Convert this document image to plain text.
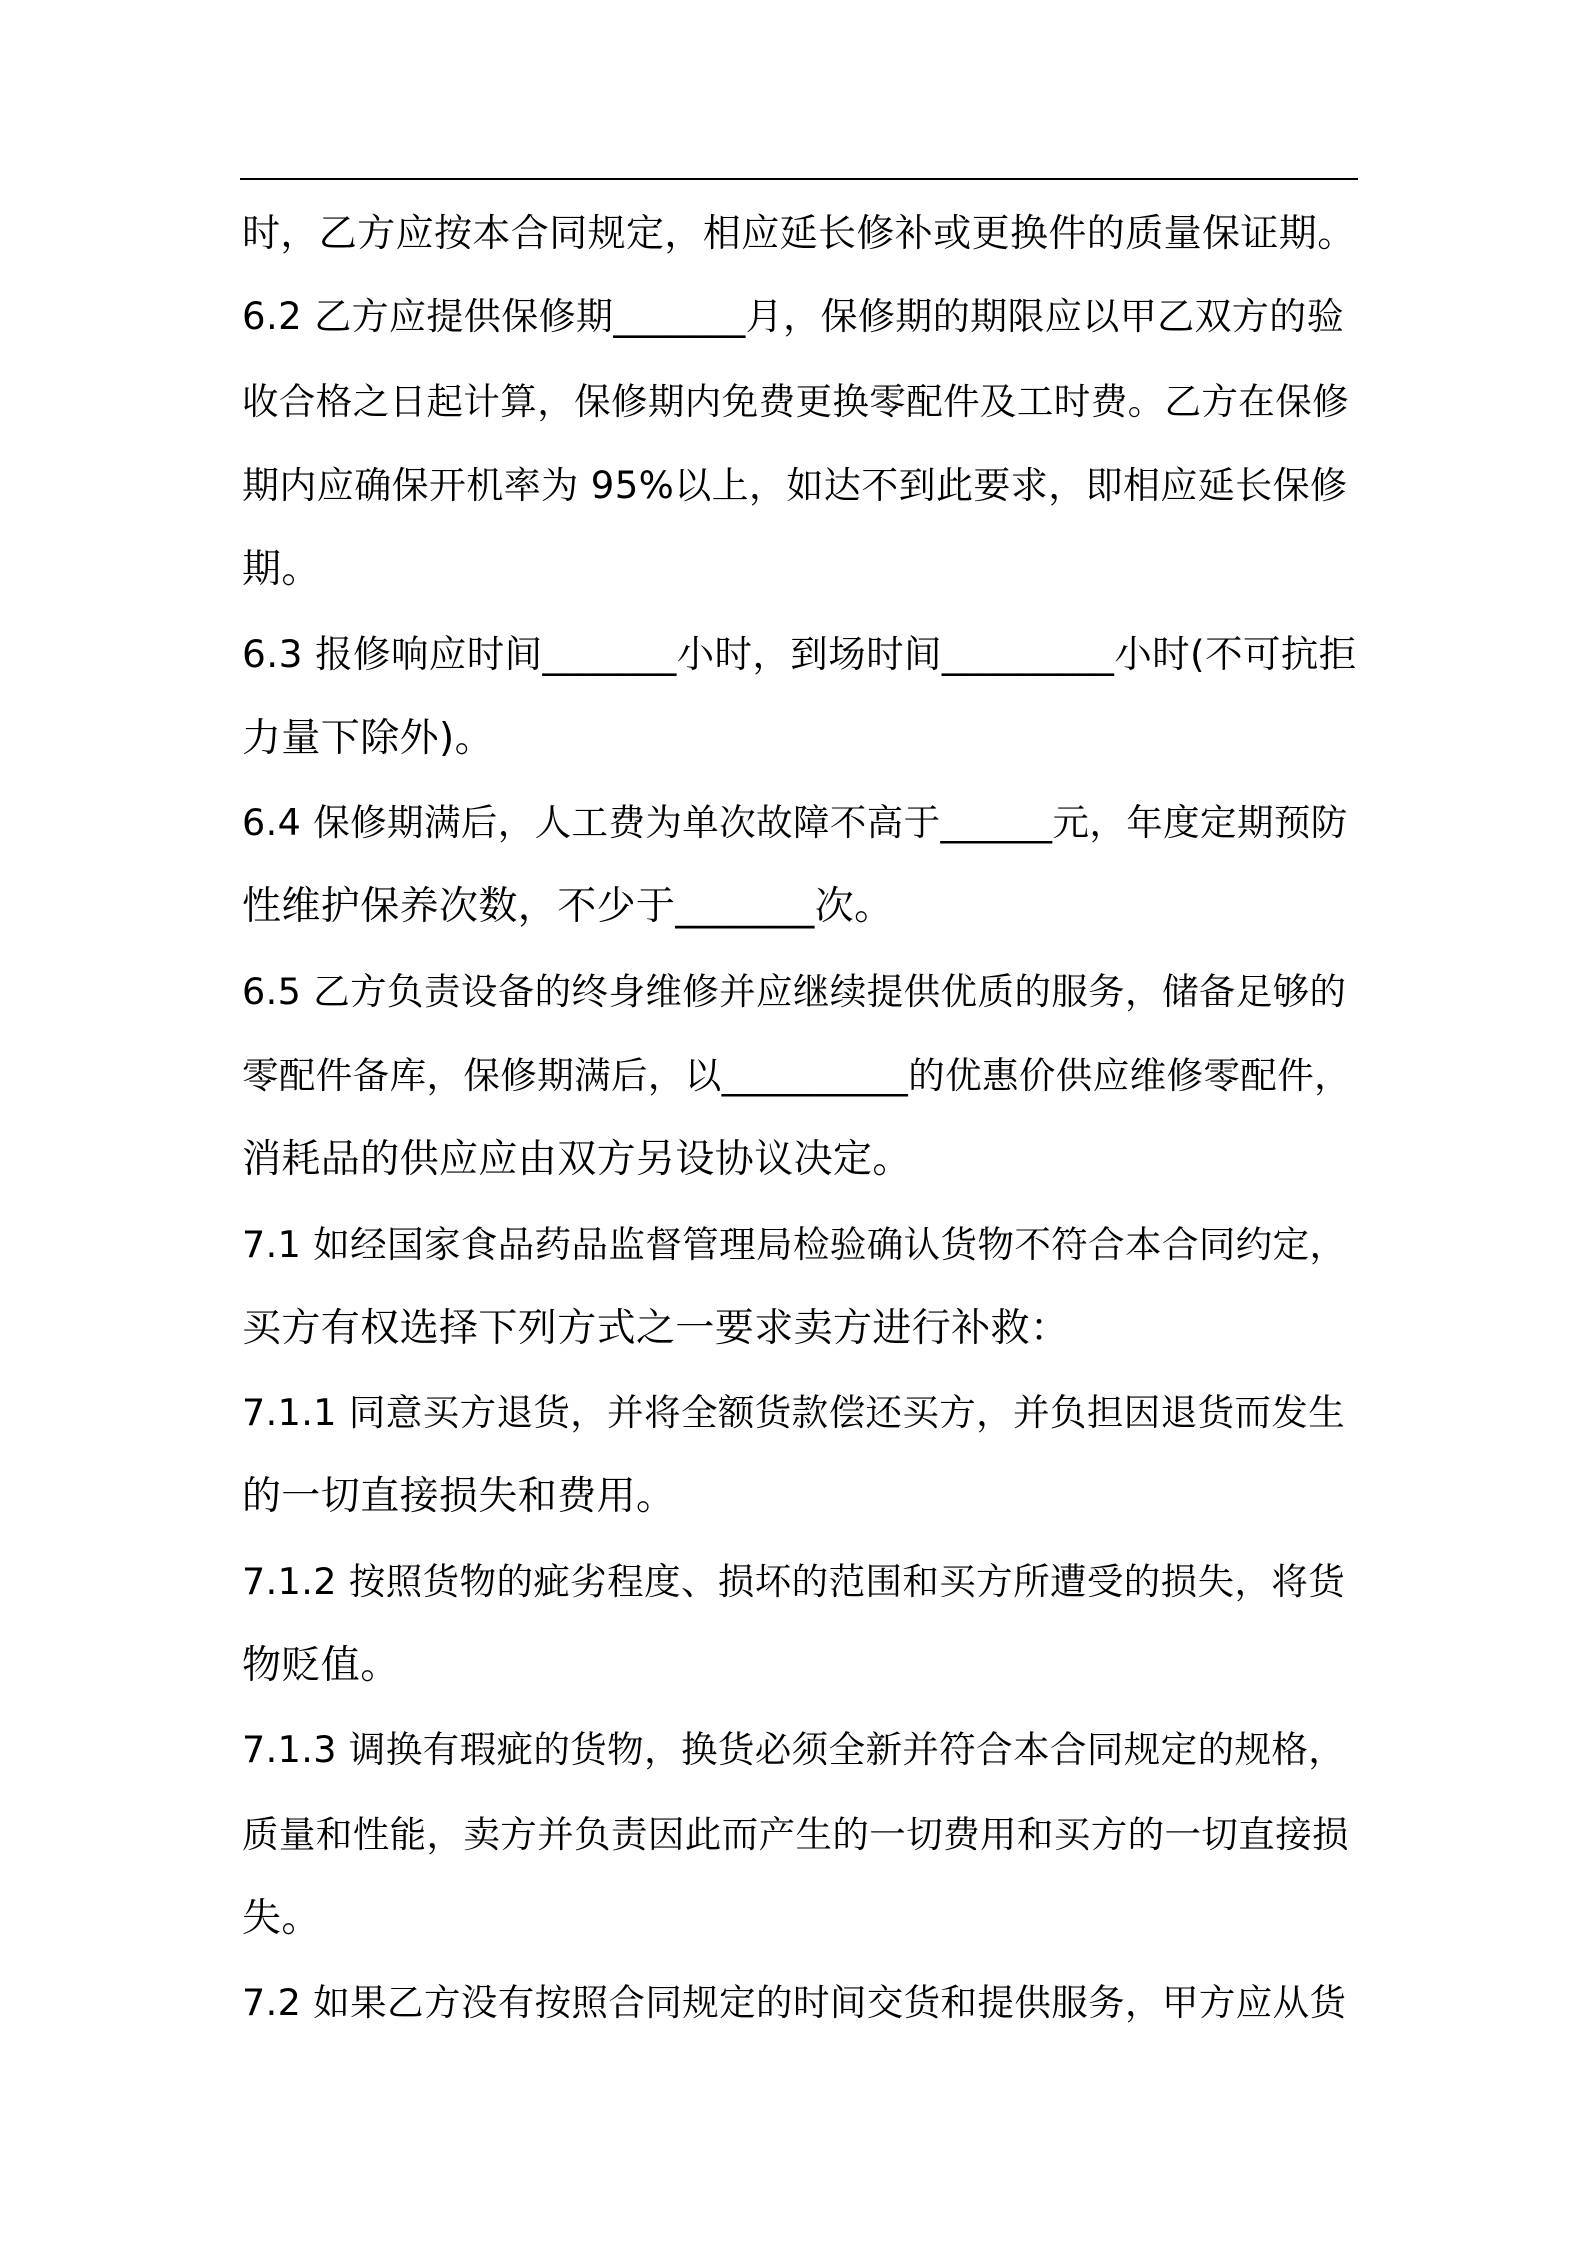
时，乙方应按本合同规定，相应延长修补或更换件的质量保证期。
6.2 乙方应提供保修期_______月，保修期的期限应以甲乙双方的验
收合格之日起计算，保修期内免费更换零配件及工时费。乙方在保修
期内应确保开机率为 95%以上，如达不到此要求，即相应延长保修
期。
6.3 报修响应时间_______小时，到场时间_________小时(不可抗拒
力量下除外)。
6.4 保修期满后，人工费为单次故障不高于______元，年度定期预防
性维护保养次数，不少于_______次。
6.5 乙方负责设备的终身维修并应继续提供优质的服务，储备足够的
零配件备库，保修期满后，以__________的优惠价供应维修零配件，
消耗品的供应应由双方另设协议决定。
7.1 如经国家食品药品监督管理局检验确认货物不符合本合同约定，
买方有权选择下列方式之一要求卖方进行补救：
7.1.1 同意买方退货，并将全额货款偿还买方，并负担因退货而发生
的一切直接损失和费用。
7.1.2 按照货物的疵劣程度、损坏的范围和买方所遭受的损失，将货
物贬值。
7.1.3 调换有瑕疵的货物，换货必须全新并符合本合同规定的规格，
质量和性能，卖方并负责因此而产生的一切费用和买方的一切直接损
失。
7.2 如果乙方没有按照合同规定的时间交货和提供服务，甲方应从货
